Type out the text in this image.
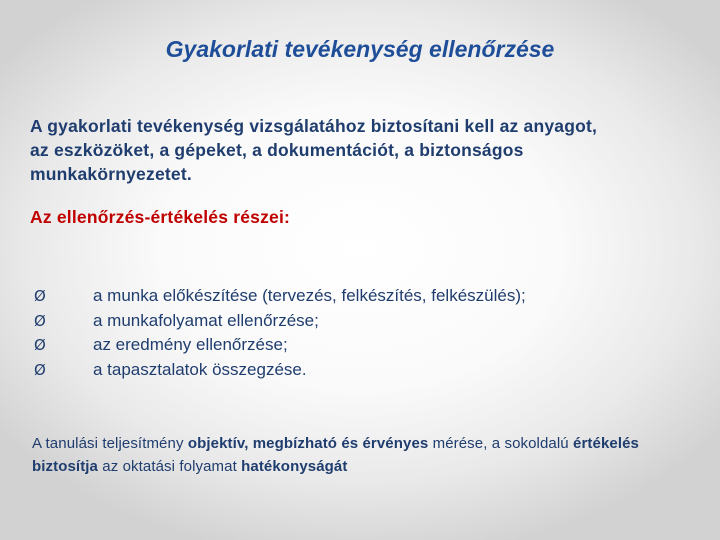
Gyakorlati tevékenység ellenőrzése
A gyakorlati tevékenység vizsgálatához biztosítani kell az anyagot,
az eszközöket, a gépeket, a dokumentációt, a biztonságos
munkakörnyezetet.
Az ellenőrzés-értékelés részei:
Ø	a munka előkészítése (tervezés, felkészítés, felkészülés);
Ø	a munkafolyamat ellenőrzése;
Ø	az eredmény ellenőrzése;
Ø	a tapasztalatok összegzése.
A tanulási teljesítmény objektív, megbízható és érvényes mérése, a sokoldalú értékelés biztosítja az oktatási folyamat hatékonyságát
